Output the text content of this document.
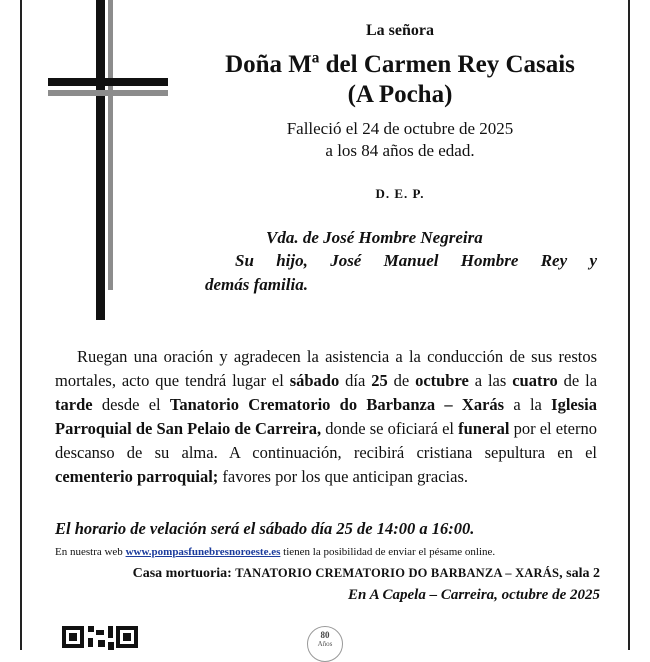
La señora
Doña Mª del Carmen Rey Casais
(A Pocha)
Falleció el 24 de octubre de 2025
a los 84 años de edad.
D. E. P.
Vda. de José Hombre Negreira
Su hijo, José Manuel Hombre Rey y
demás familia.
Ruegan una oración y agradecen la asistencia a la conducción de sus restos mortales, acto que tendrá lugar el sábado día 25 de octubre a las cuatro de la tarde desde el Tanatorio Crematorio do Barbanza – Xarás a la Iglesia Parroquial de San Pelaio de Carreira, donde se oficiará el funeral por el eterno descanso de su alma. A continuación, recibirá cristiana sepultura en el cementerio parroquial; favores por los que anticipan gracias.
El horario de velación será el sábado día 25 de 14:00 a 16:00.
En nuestra web www.pompasfunebresnoroeste.es tienen la posibilidad de enviar el pésame online.
Casa mortuoria: TANATORIO CREMATORIO DO BARBANZA – XARÁS, sala 2
En A Capela – Carreira, octubre de 2025
80
Años
